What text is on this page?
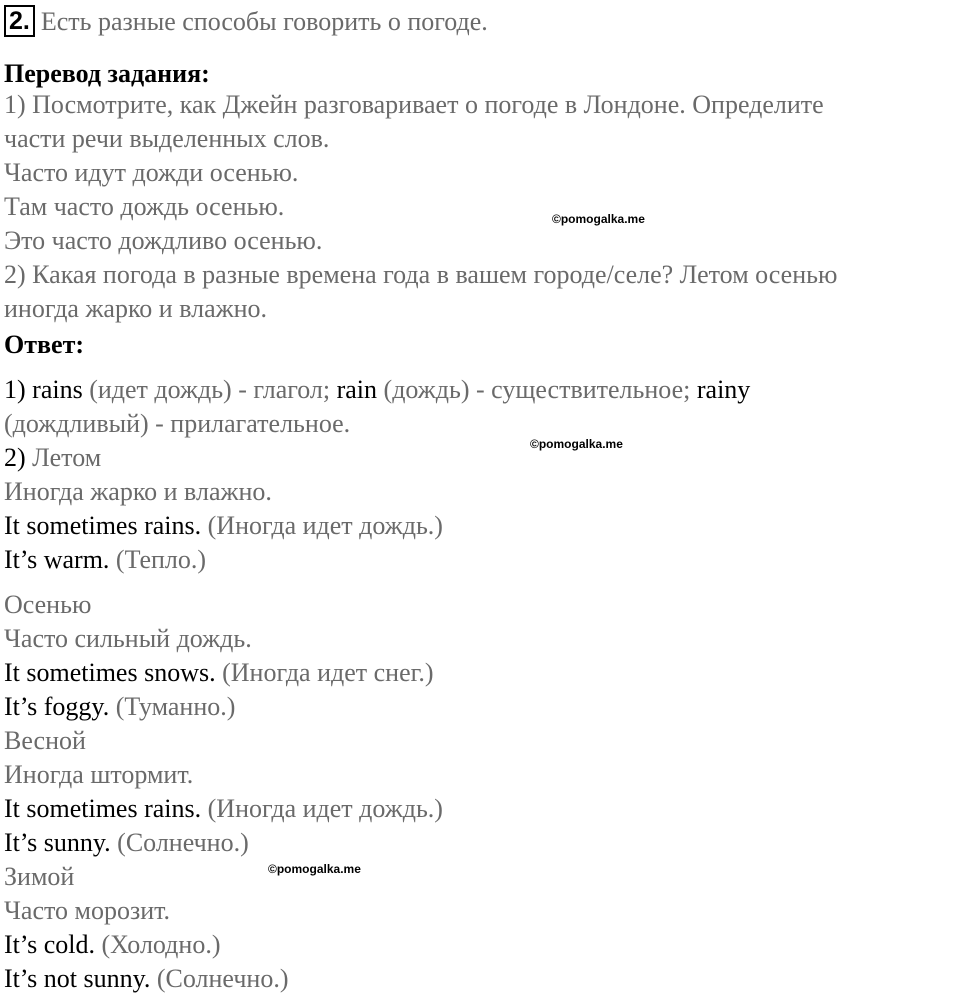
2. Есть разные способы говорить о погоде.
Перевод задания:
1) Посмотрите, как Джейн разговаривает о погоде в Лондоне. Определите
части речи выделенных слов.
Часто идут дожди осенью.
Там часто дождь осенью.
Это часто дождливо осенью.
2) Какая погода в разные времена года в вашем городе/селе? Летом осенью
иногда жарко и влажно.
Ответ:
1) rains (идет дождь) - глагол; rain (дождь) - существительное; rainy
(дождливый) - прилагательное.
2) Летом
Иногда жарко и влажно.
It sometimes rains. (Иногда идет дождь.)
It’s warm. (Тепло.)
Осенью
Часто сильный дождь.
It sometimes snows. (Иногда идет снег.)
It’s foggy. (Туманно.)
Весной
Иногда штормит.
It sometimes rains. (Иногда идет дождь.)
It’s sunny. (Солнечно.)
Зимой
Часто морозит.
It’s cold. (Холодно.)
It’s not sunny. (Солнечно.)
©pomogalka.me
©pomogalka.me
©pomogalka.me
